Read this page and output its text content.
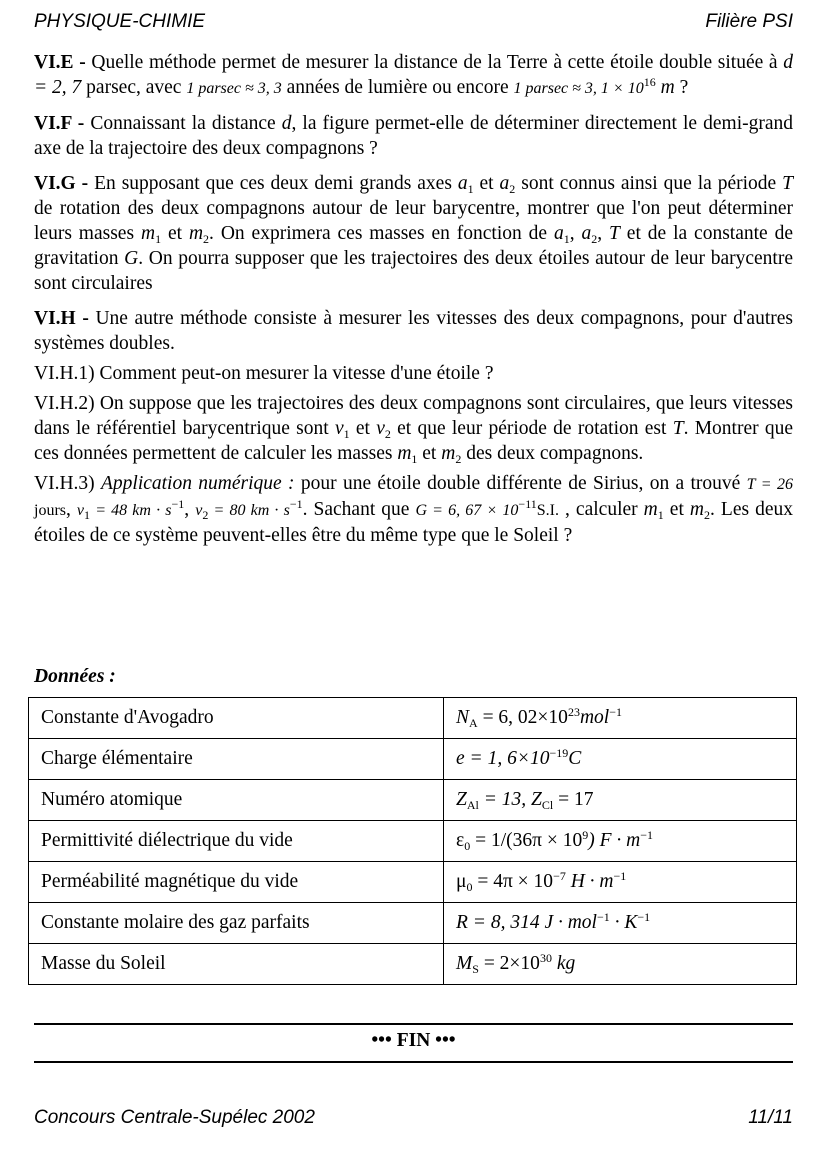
PHYSIQUE-CHIMIE	Filière PSI

VI.E - Quelle méthode permet de mesurer la distance de la Terre à cette étoile double située à d = 2, 7 parsec, avec 1 parsec ≈ 3, 3 années de lumière ou encore 1 parsec ≈ 3, $1 \times 10^{16}$ m ?

VI.F - Connaissant la distance d, la figure permet-elle de déterminer directement le demi-grand axe de la trajectoire des deux compagnons ?

VI.G - En supposant que ces deux demi grands axes $a_1$ et $a_2$ sont connus ainsi que la période T de rotation des deux compagnons autour de leur barycentre, montrer que l'on peut déterminer leurs masses $m_1$ et $m_2$. On exprimera ces masses en fonction de $a_1$, $a_2$, T et de la constante de gravitation G. On pourra supposer que les trajectoires des deux étoiles autour de leur barycentre sont circulaires

VI.H - Une autre méthode consiste à mesurer les vitesses des deux compagnons, pour d'autres systèmes doubles.

VI.H.1) Comment peut-on mesurer la vitesse d'une étoile ?

VI.H.2) On suppose que les trajectoires des deux compagnons sont circulaires, que leurs vitesses dans le référentiel barycentrique sont $v_1$ et $v_2$ et que leur période de rotation est T. Montrer que ces données permettent de calculer les masses $m_1$ et $m_2$ des deux compagnons.

VI.H.3) Application numérique : pour une étoile double différente de Sirius, on a trouvé T = 26 jours, $v_1 = 48$ km · $s^{-1}$, $v_2 = 80$ km · $s^{-1}$. Sachant que G = 6, $67 \times 10^{-11}S.I$. , calculer $m_1$ et $m_2$. Les deux étoiles de ce système peuvent-elles être du même type que le Soleil ?

Données :
Constante d'Avogadro	$N_A = 6$, $02\times 10^{23}mol^{-1}$
Charge élémentaire	e = 1, $6\times 10^{-19}C$
Numéro atomique	$Z_{Al} = 13$, $Z_{Cl} = 17$
Permittivité diélectrique du vide	$\varepsilon_0 = 1/(36\pi \times 10^9) F \cdot m^{-1}$
Perméabilité magnétique du vide	$\mu_0 = 4\pi \times 10^{-7}$ $H \cdot m^{-1}$
Constante molaire des gaz parfaits	R = 8, 314 $J \cdot mol^{-1} \cdot K^{-1}$
Masse du Soleil	$M_S = 2\times 10^{30}$ kg
••• FIN •••
Concours Centrale-Supélec 2002	11/11
